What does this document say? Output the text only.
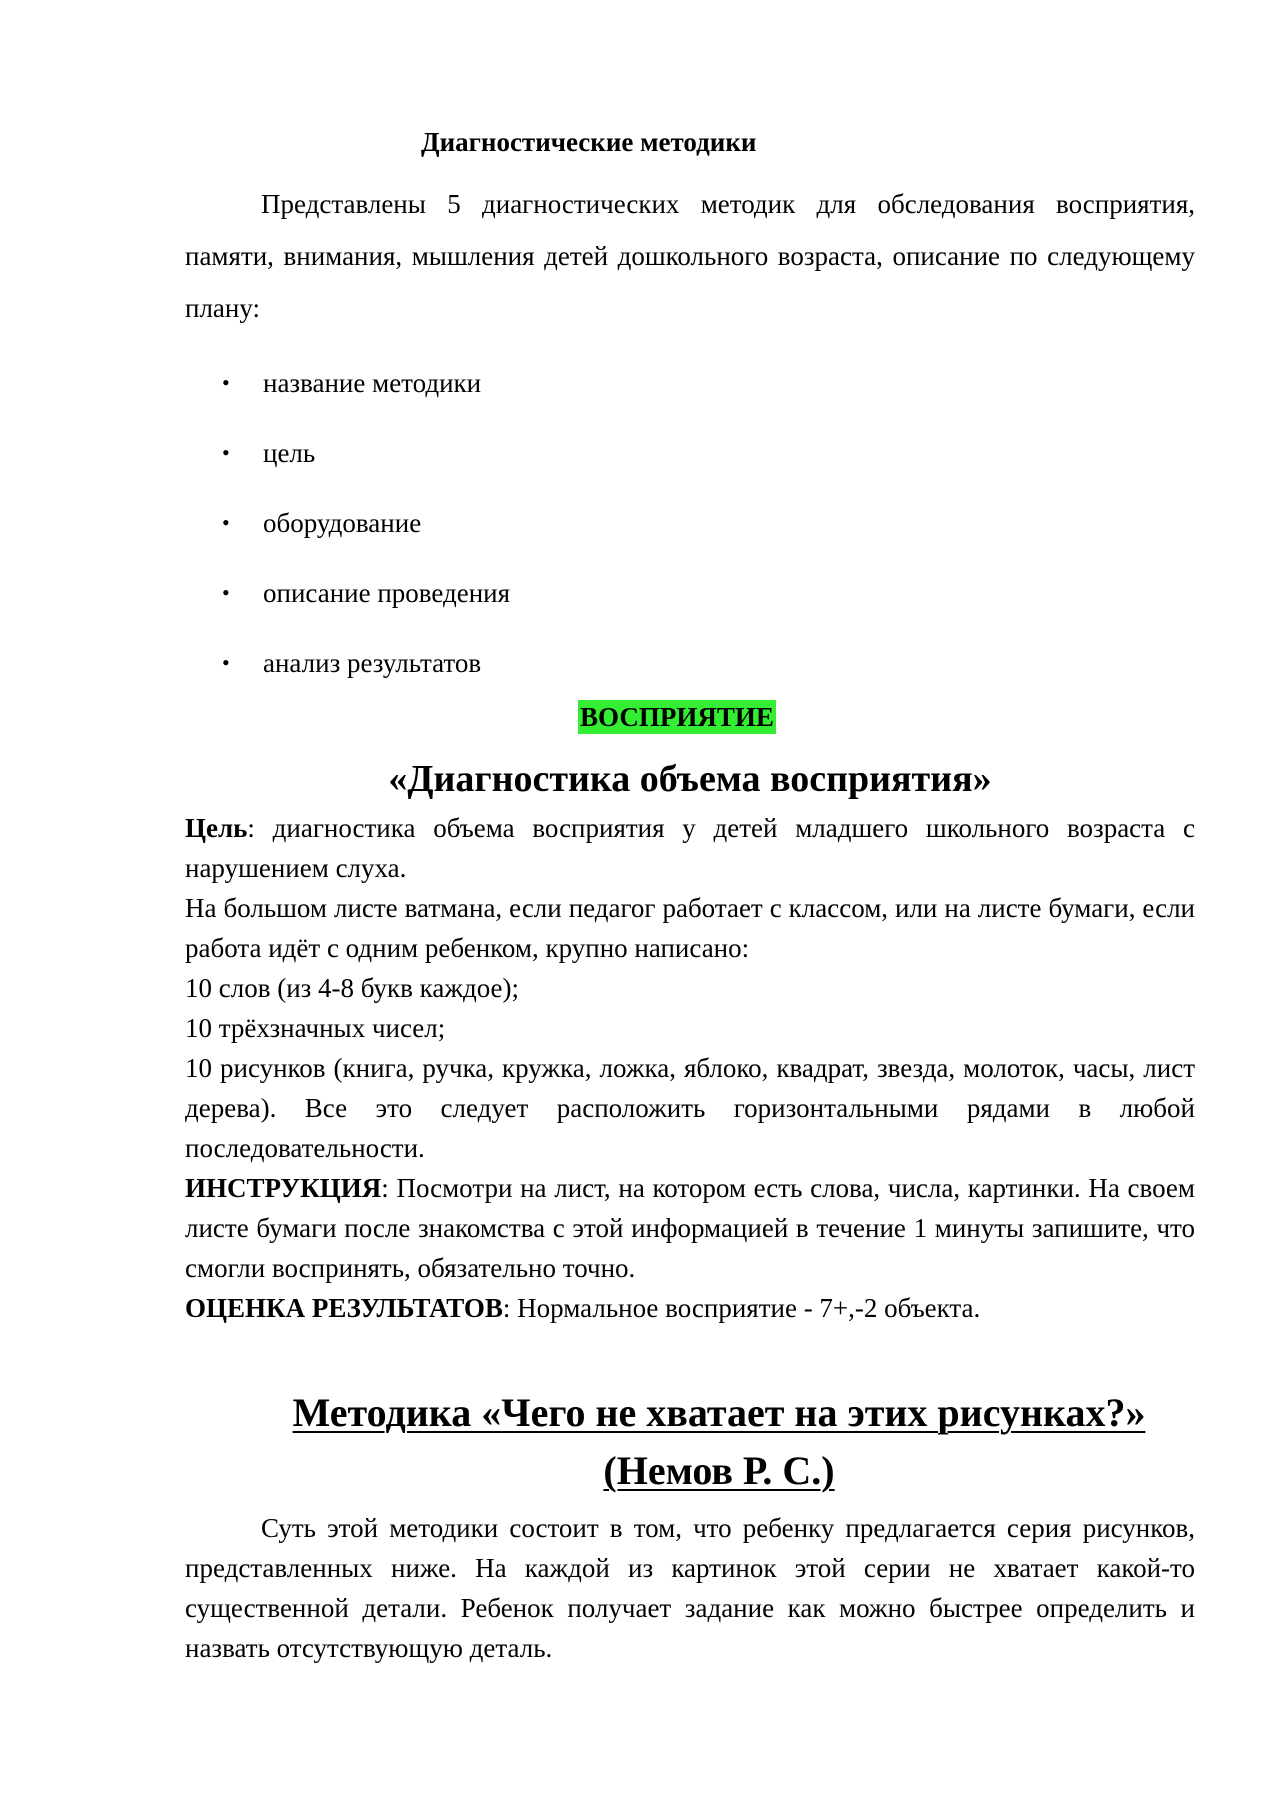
Диагностические методики

Представлены 5 диагностических методик для обследования восприятия, памяти, внимания, мышления детей дошкольного возраста, описание по следующему плану:

• название методики
• цель
• оборудование
• описание проведения
• анализ результатов
ВОСПРИЯТИЕ
«Диагностика объема восприятия»

Цель: диагностика объема восприятия у детей младшего школьного возраста с нарушением слуха.

На большом листе ватмана, если педагог работает с классом, или на листе бумаги, если работа идёт с одним ребенком, крупно написано:

10 слов (из 4-8 букв каждое);

10 трёхзначных чисел;

10 рисунков (книга, ручка, кружка, ложка, яблоко, квадрат, звезда, молоток, часы, лист дерева). Все это следует расположить горизонтальными рядами в любой последовательности.

ИНСТРУКЦИЯ: Посмотри на лист, на котором есть слова, числа, картинки. На своем листе бумаги после знакомства с этой информацией в течение 1 минуты запишите, что смогли воспринять, обязательно точно.

ОЦЕНКА РЕЗУЛЬТАТОВ: Нормальное восприятие - 7+,-2 объекта.

Методика «Чего не хватает на этих рисунках?»
(Немов Р. С.)

Суть этой методики состоит в том, что ребенку предлагается серия рисунков, представленных ниже. На каждой из картинок этой серии не хватает какой-то существенной детали. Ребенок получает задание как можно быстрее определить и назвать отсутствующую деталь.
